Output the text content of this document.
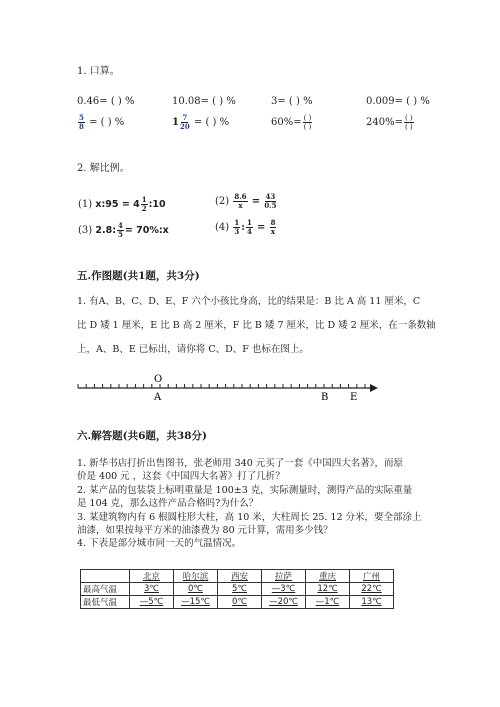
1. 口算。
0.46= ( ) %	10.08= ( ) %	3= ( ) %	0.009= ( ) %
$\frac{5}{8}$ = ( ) %	$1 \frac{7}{20}$ = ( ) %	$60\%= \frac{( )}{( )}$	$240\%= \frac{( )}{( )}$
2. 解比例。
(1) x:95 = $4 \frac{1}{2}$ :10	$(2) \frac{8.6}{x} = \frac{43}{0.5}$
(3) 2.8: $\frac{4}{5}$ = 70%:x	$(4) \frac{1}{3}$ : $\frac{1}{4} = \frac{8}{x}$
五.作图题(共1题，共3分)
1. 有A、B、C、D、E、F 六个小孩比身高，比的结果是：B 比 A 高 11 厘米，C
比 D 矮 1 厘米，E 比 B 高 2 厘米，F 比 B 矮 7 厘米，比 D 矮 2 厘米，在一条数轴
上，A、B、E 已标出，请你将 C、D、F 也标在图上。
O
A	B E
六.解答题(共6题，共38分)
1. 新华书店打折出售图书，张老师用 340 元买了一套《中国四大名著》，而原
价是 400 元 ，这套《中国四大名著》打了几折？
2. 某产品的包装袋上标明重量是 100±3 克，实际测量时，测得产品的实际重量
是 104 克，那么这件产品合格吗?为什么？
3. 某建筑物内有 6 根圆柱形大柱，高 10 米，大柱周长 25. 12 分米，要全部涂上
油漆，如果按每平方米的油漆费为 80 元计算，需用多少钱？
4. 下表是部分城市同一天的气温情况。
	北京	哈尔滨	西安	拉萨	重庆	广州
最高气温	3℃	0℃	5℃	—3℃	12℃	22℃
最低气温	—5℃	—15℃	0℃	—20℃	—1℃	13℃
